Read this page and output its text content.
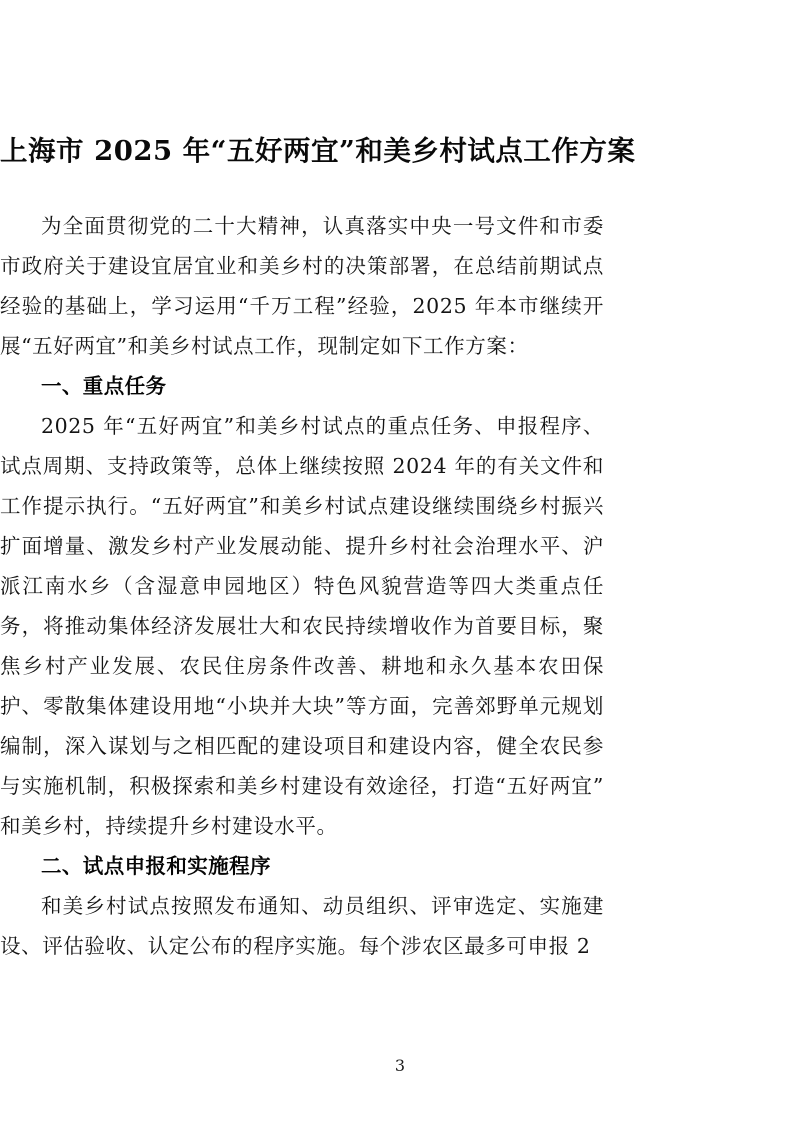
上海市 2025 年“五好两宜”和美乡村试点工作方案

为全面贯彻党的二十大精神，认真落实中央一号文件和市委市政府关于建设宜居宜业和美乡村的决策部署，在总结前期试点经验的基础上，学习运用“千万工程”经验，2025 年本市继续开展“五好两宜”和美乡村试点工作，现制定如下工作方案：

一、重点任务

2025 年“五好两宜”和美乡村试点的重点任务、申报程序、试点周期、支持政策等，总体上继续按照 2024 年的有关文件和工作提示执行。“五好两宜”和美乡村试点建设继续围绕乡村振兴扩面增量、激发乡村产业发展动能、提升乡村社会治理水平、沪派江南水乡（含湿意申园地区）特色风貌营造等四大类重点任务，将推动集体经济发展壮大和农民持续增收作为首要目标，聚焦乡村产业发展、农民住房条件改善、耕地和永久基本农田保护、零散集体建设用地“小块并大块”等方面，完善郊野单元规划编制，深入谋划与之相匹配的建设项目和建设内容，健全农民参与实施机制，积极探索和美乡村建设有效途径，打造“五好两宜”和美乡村，持续提升乡村建设水平。

二、试点申报和实施程序

和美乡村试点按照发布通知、动员组织、评审选定、实施建设、评估验收、认定公布的程序实施。每个涉农区最多可申报 2

3
